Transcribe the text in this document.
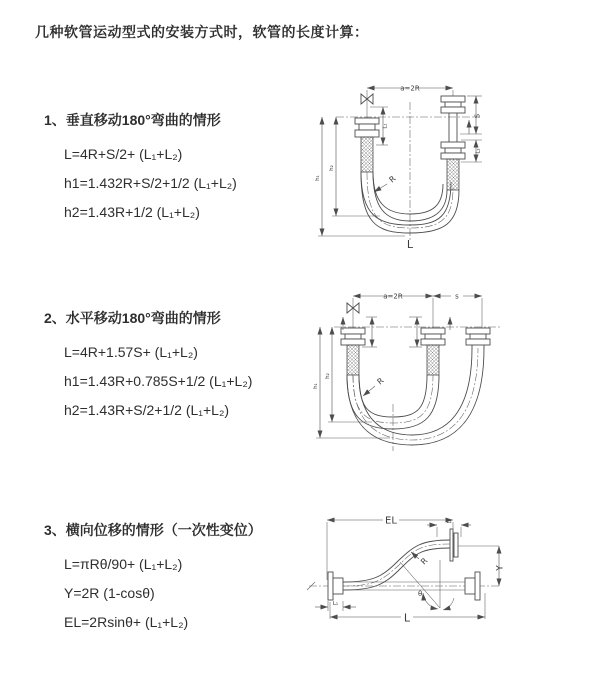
几种软管运动型式的安装方式时，软管的长度计算：
1、垂直移动180°弯曲的情形
L=4R+S/2+ (L₁+L₂)
h1=1.432R+S/2+1/2 (L₁+L₂)
h2=1.43R+1/2 (L₁+L₂)
2、水平移动180°弯曲的情形
L=4R+1.57S+ (L₁+L₂)
h1=1.43R+0.785S+1/2 (L₁+L₂)
h2=1.43R+S/2+1/2 (L₁+L₂)
3、横向位移的情形（一次性变位）
L=πRθ/90+ (L₁+L₂)
Y=2R (1-cosθ)
EL=2Rsinθ+ (L₁+L₂)
a=2R
R
h₁
h₂
L₁
S
L₂
L
a=2R	s
R
h₁
h₂
EL	L₂
R
θ
Y
L₁
L
